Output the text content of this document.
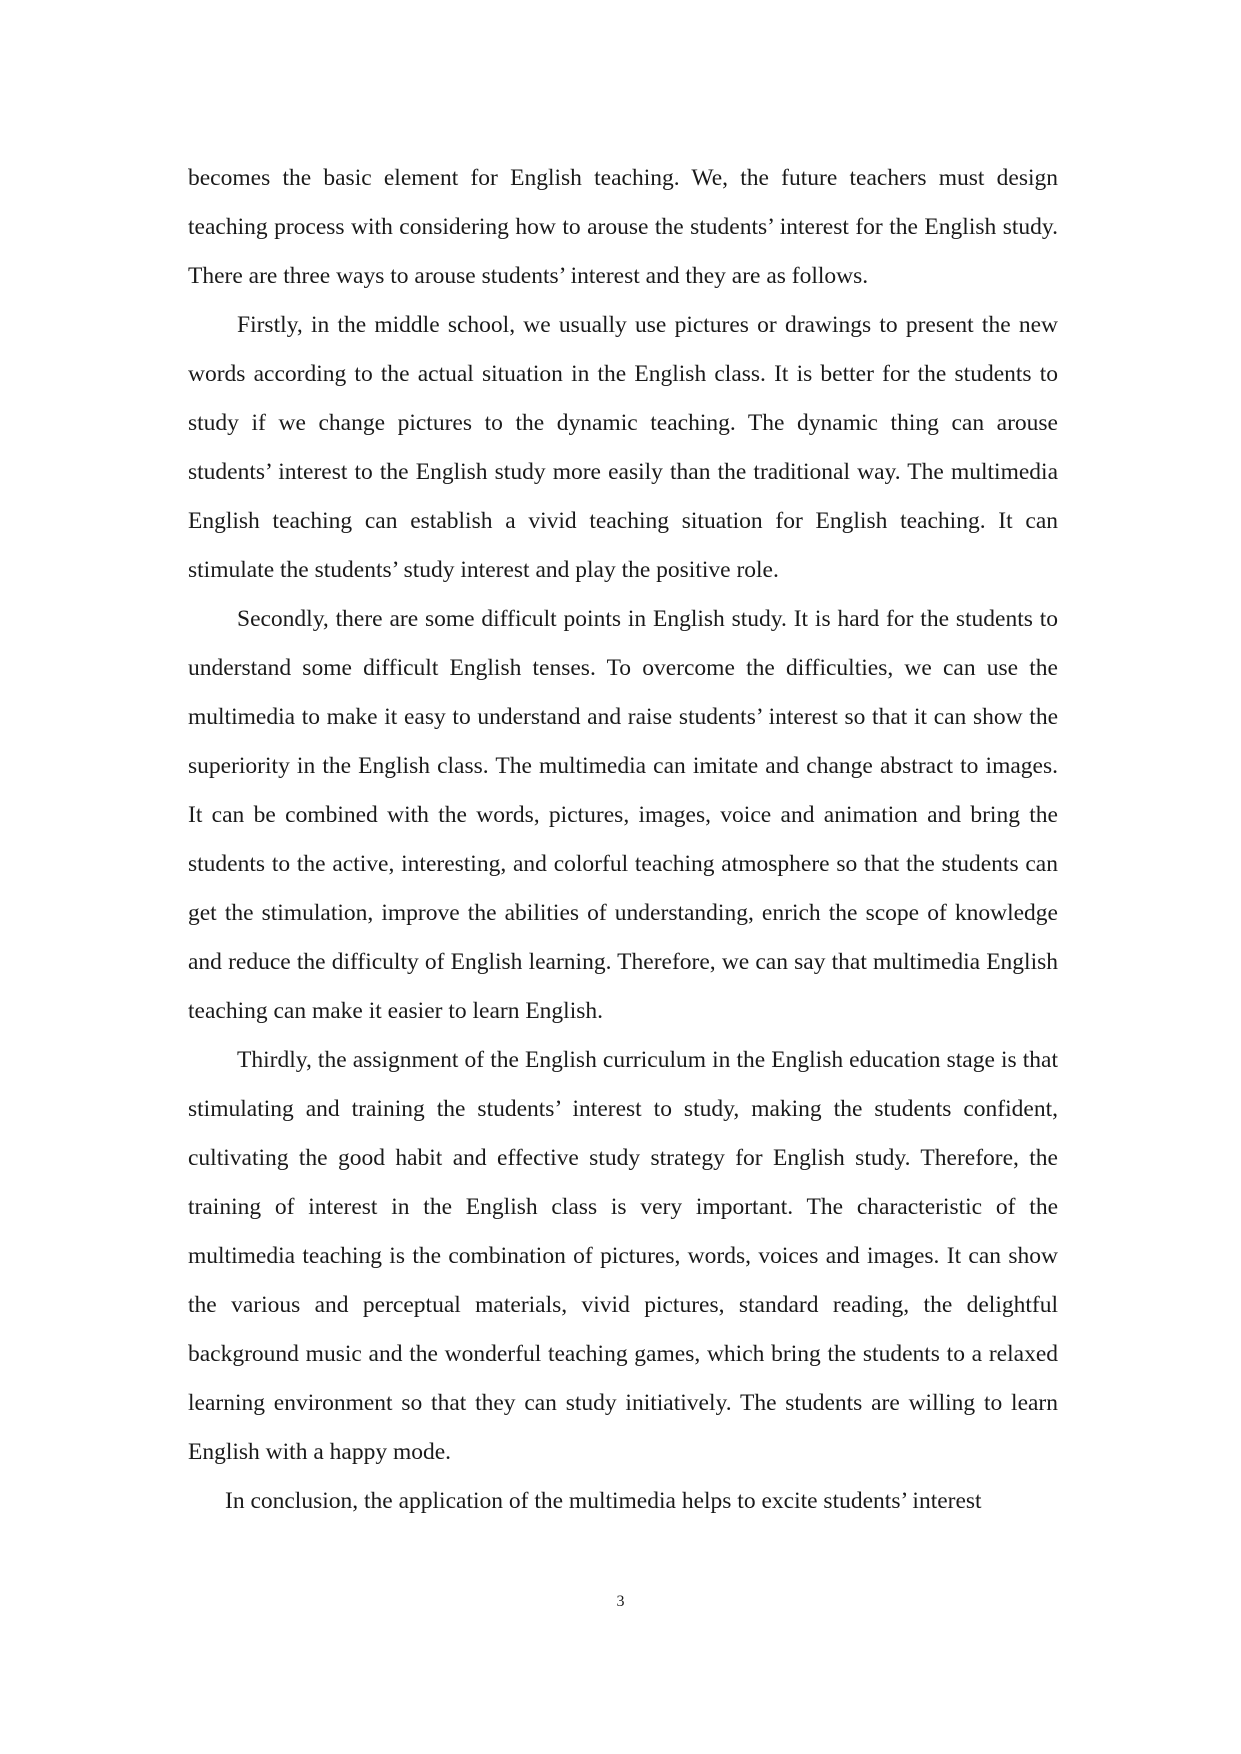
becomes the basic element for English teaching. We, the future teachers must design teaching process with considering how to arouse the students’ interest for the English study. There are three ways to arouse students’ interest and they are as follows.

Firstly, in the middle school, we usually use pictures or drawings to present the new words according to the actual situation in the English class. It is better for the students to study if we change pictures to the dynamic teaching. The dynamic thing can arouse students’ interest to the English study more easily than the traditional way. The multimedia English teaching can establish a vivid teaching situation for English teaching. It can stimulate the students’ study interest and play the positive role.

Secondly, there are some difficult points in English study. It is hard for the students to understand some difficult English tenses. To overcome the difficulties, we can use the multimedia to make it easy to understand and raise students’ interest so that it can show the superiority in the English class. The multimedia can imitate and change abstract to images. It can be combined with the words, pictures, images, voice and animation and bring the students to the active, interesting, and colorful teaching atmosphere so that the students can get the stimulation, improve the abilities of understanding, enrich the scope of knowledge and reduce the difficulty of English learning. Therefore, we can say that multimedia English teaching can make it easier to learn English.

Thirdly, the assignment of the English curriculum in the English education stage is that stimulating and training the students’ interest to study, making the students confident, cultivating the good habit and effective study strategy for English study. Therefore, the training of interest in the English class is very important. The characteristic of the multimedia teaching is the combination of pictures, words, voices and images. It can show the various and perceptual materials, vivid pictures, standard reading, the delightful background music and the wonderful teaching games, which bring the students to a relaxed learning environment so that they can study initiatively. The students are willing to learn English with a happy mode.

In conclusion, the application of the multimedia helps to excite students’ interest

3
